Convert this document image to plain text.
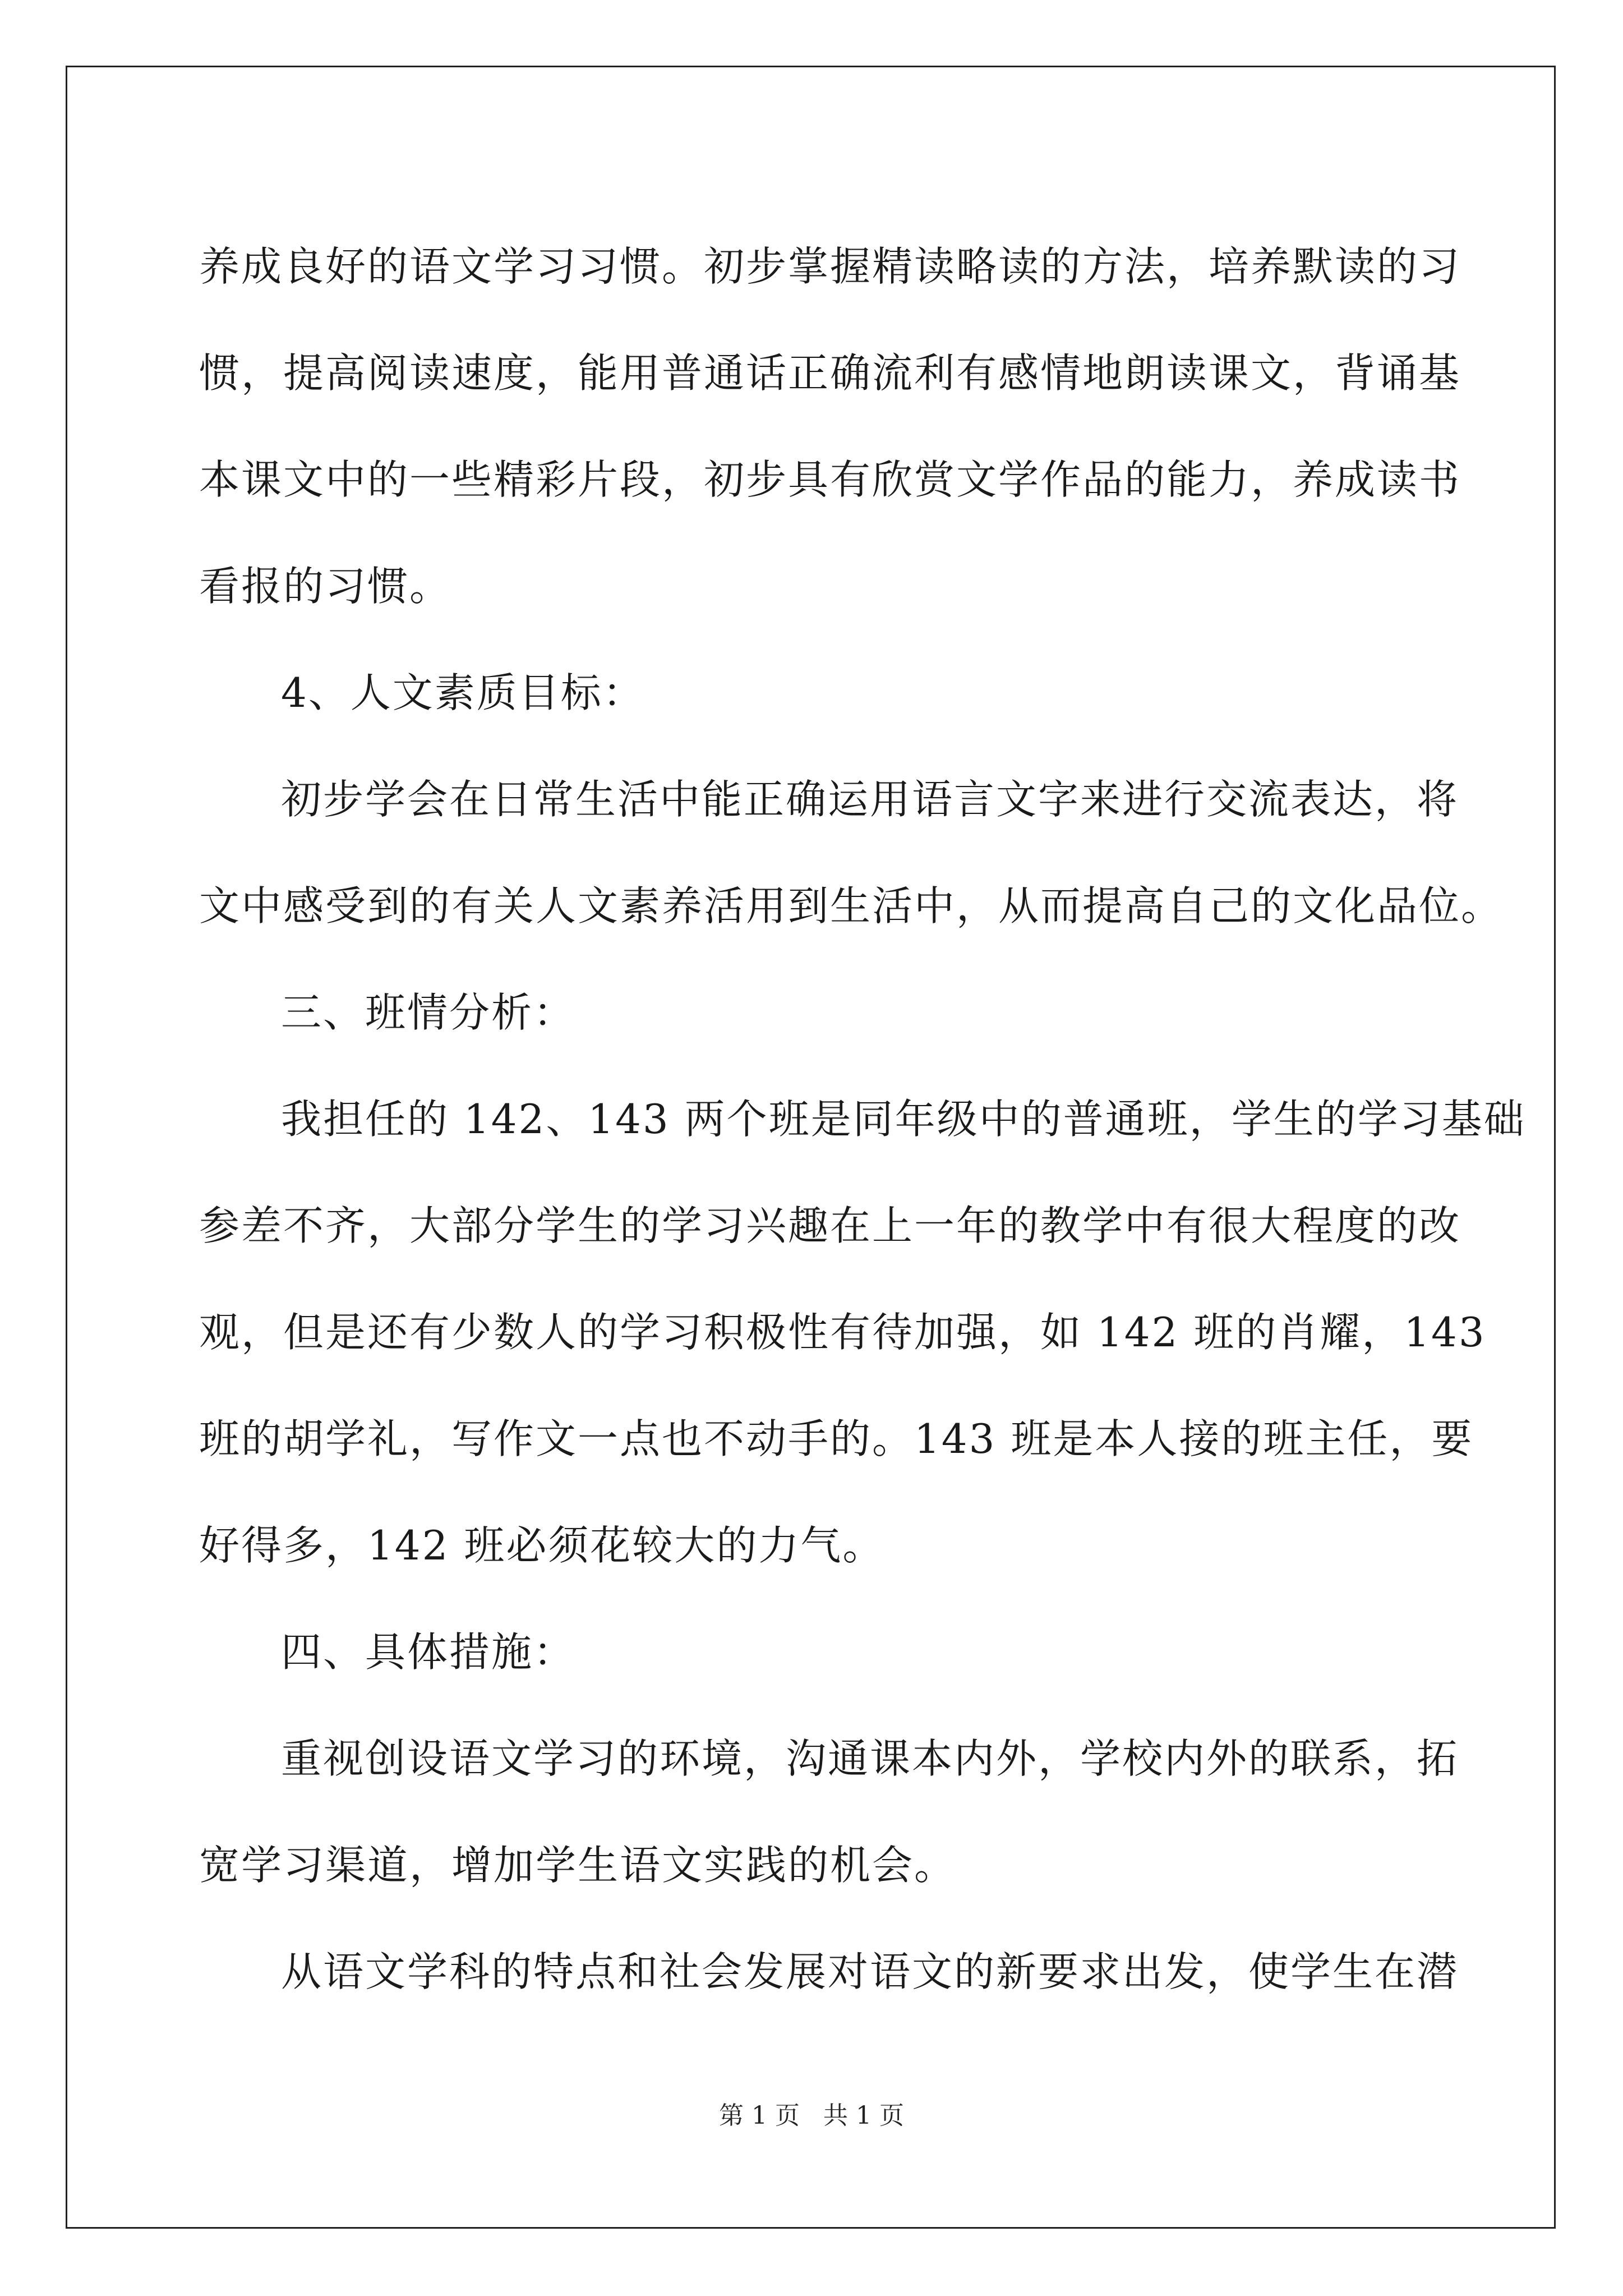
养成良好的语文学习习惯。初步掌握精读略读的方法，培养默读的习
惯，提高阅读速度，能用普通话正确流利有感情地朗读课文，背诵基
本课文中的一些精彩片段，初步具有欣赏文学作品的能力，养成读书
看报的习惯。
4、人文素质目标：
初步学会在日常生活中能正确运用语言文字来进行交流表达，将
文中感受到的有关人文素养活用到生活中，从而提高自己的文化品位。
三、班情分析：
我担任的 142、143 两个班是同年级中的普通班，学生的学习基础
参差不齐，大部分学生的学习兴趣在上一年的教学中有很大程度的改
观，但是还有少数人的学习积极性有待加强，如 142 班的肖耀，143
班的胡学礼，写作文一点也不动手的。143 班是本人接的班主任，要
好得多，142 班必须花较大的力气。
四、具体措施：
重视创设语文学习的环境，沟通课本内外，学校内外的联系，拓
宽学习渠道，增加学生语文实践的机会。
从语文学科的特点和社会发展对语文的新要求出发，使学生在潜
第 1 页   共 1 页
